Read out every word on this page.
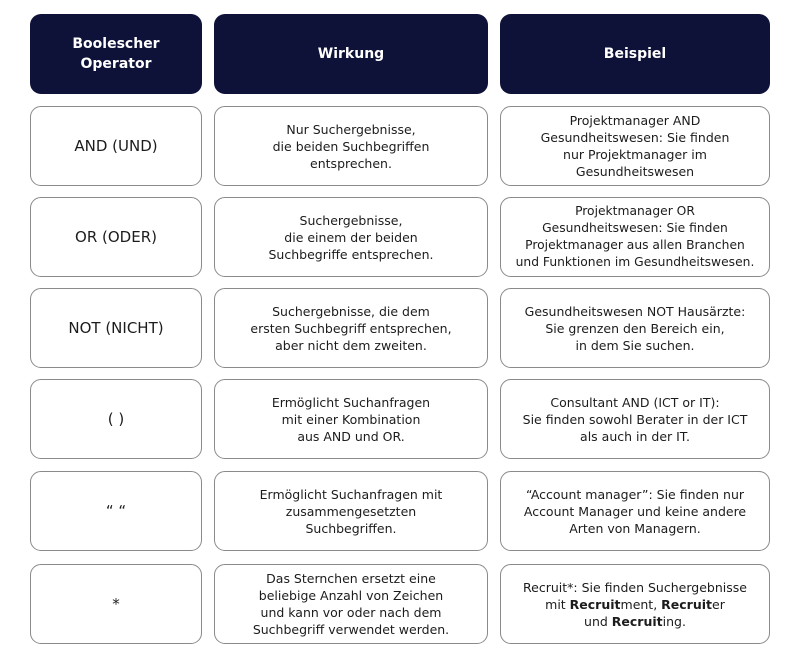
Boolescher
Operator
Wirkung	Beispiel
AND (UND)
Nur Suchergebnisse,
die beiden Suchbegriffen
entsprechen.
Projektmanager AND
Gesundheitswesen: Sie finden
nur Projektmanager im
Gesundheitswesen
OR (ODER)
Suchergebnisse,
die einem der beiden
Suchbegriffe entsprechen.
Projektmanager OR
Gesundheitswesen: Sie finden
Projektmanager aus allen Branchen
und Funktionen im Gesundheitswesen.
NOT (NICHT)
Suchergebnisse, die dem
ersten Suchbegriff entsprechen,
aber nicht dem zweiten.
Gesundheitswesen NOT Hausärzte:
Sie grenzen den Bereich ein,
in dem Sie suchen.
( )
Ermöglicht Suchanfragen
mit einer Kombination
aus AND und OR.
Consultant AND (ICT or IT):
Sie finden sowohl Berater in der ICT
als auch in der IT.
“ “
Ermöglicht Suchanfragen mit
zusammengesetzten
Suchbegriffen.
“Account manager”: Sie finden nur
Account Manager und keine andere
Arten von Managern.
*
Das Sternchen ersetzt eine
beliebige Anzahl von Zeichen
und kann vor oder nach dem
Suchbegriff verwendet werden.
Recruit*: Sie finden Suchergebnisse
mit Recruitment, Recruiter
und Recruiting.
